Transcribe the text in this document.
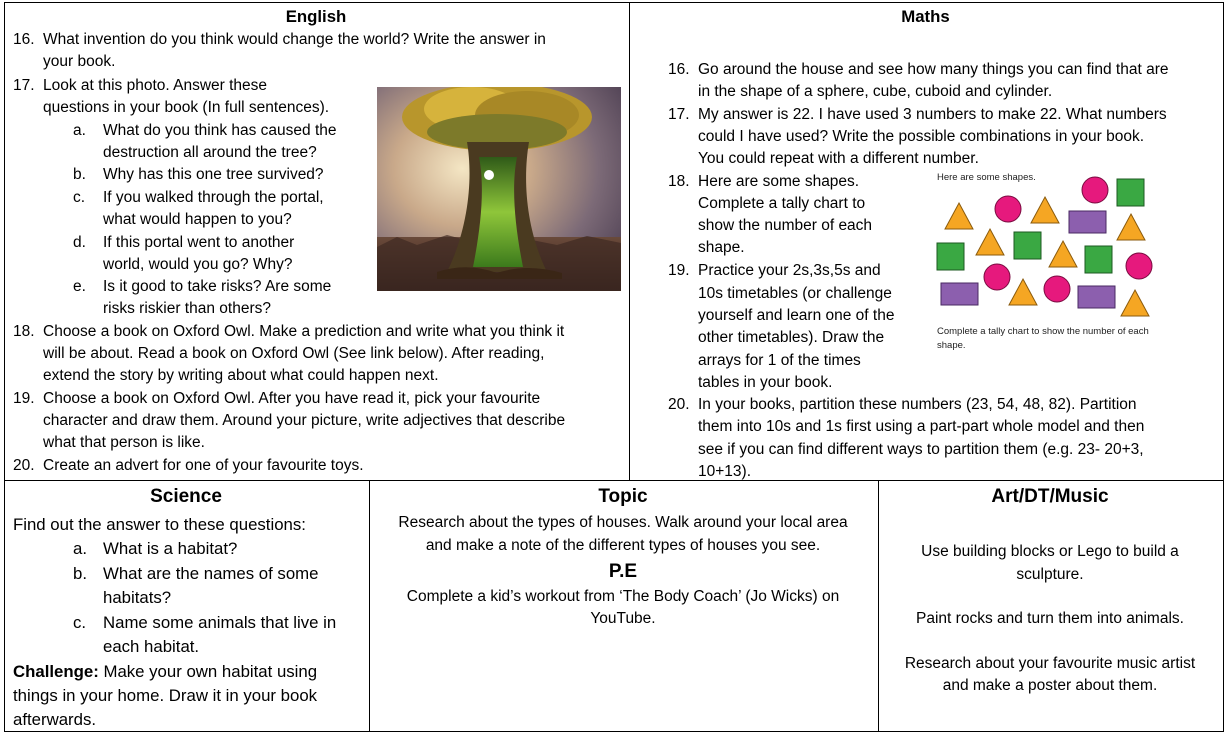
English
16. What invention do you think would change the world? Write the answer in
your book.
17. Look at this photo. Answer these
questions in your book (In full sentences).
a. What do you think has caused the
destruction all around the tree?
b. Why has this one tree survived?
c. If you walked through the portal,
what would happen to you?
d. If this portal went to another
world, would you go? Why?
e. Is it good to take risks? Are some
risks riskier than others?
18. Choose a book on Oxford Owl. Make a prediction and write what you think it
will be about. Read a book on Oxford Owl (See link below). After reading,
extend the story by writing about what could happen next.
19. Choose a book on Oxford Owl. After you have read it, pick your favourite
character and draw them. Around your picture, write adjectives that describe
what that person is like.
20. Create an advert for one of your favourite toys.
Maths
16. Go around the house and see how many things you can find that are
in the shape of a sphere, cube, cuboid and cylinder.
17. My answer is 22. I have used 3 numbers to make 22. What numbers
could I have used? Write the possible combinations in your book.
You could repeat with a different number.
18. Here are some shapes.
Complete a tally chart to
show the number of each
shape.
19. Practice your 2s,3s,5s and
10s timetables (or challenge
yourself and learn one of the
other timetables). Draw the
arrays for 1 of the times
tables in your book.
20. In your books, partition these numbers (23, 54, 48, 82). Partition
them into 10s and 1s first using a part-part whole model and then
see if you can find different ways to partition them (e.g. 23- 20+3,
10+13).
Here are some shapes.
Complete a tally chart to show the number of each
shape.
Science
Find out the answer to these questions:
a. What is a habitat?
b. What are the names of some
habitats?
c. Name some animals that live in
each habitat.
Challenge: Make your own habitat using
things in your home. Draw it in your book
afterwards.
Topic
Research about the types of houses. Walk around your local area
and make a note of the different types of houses you see.
P.E
Complete a kid’s workout from ‘The Body Coach’ (Jo Wicks) on
YouTube.
Art/DT/Music
Use building blocks or Lego to build a
sculpture.
Paint rocks and turn them into animals.
Research about your favourite music artist
and make a poster about them.
